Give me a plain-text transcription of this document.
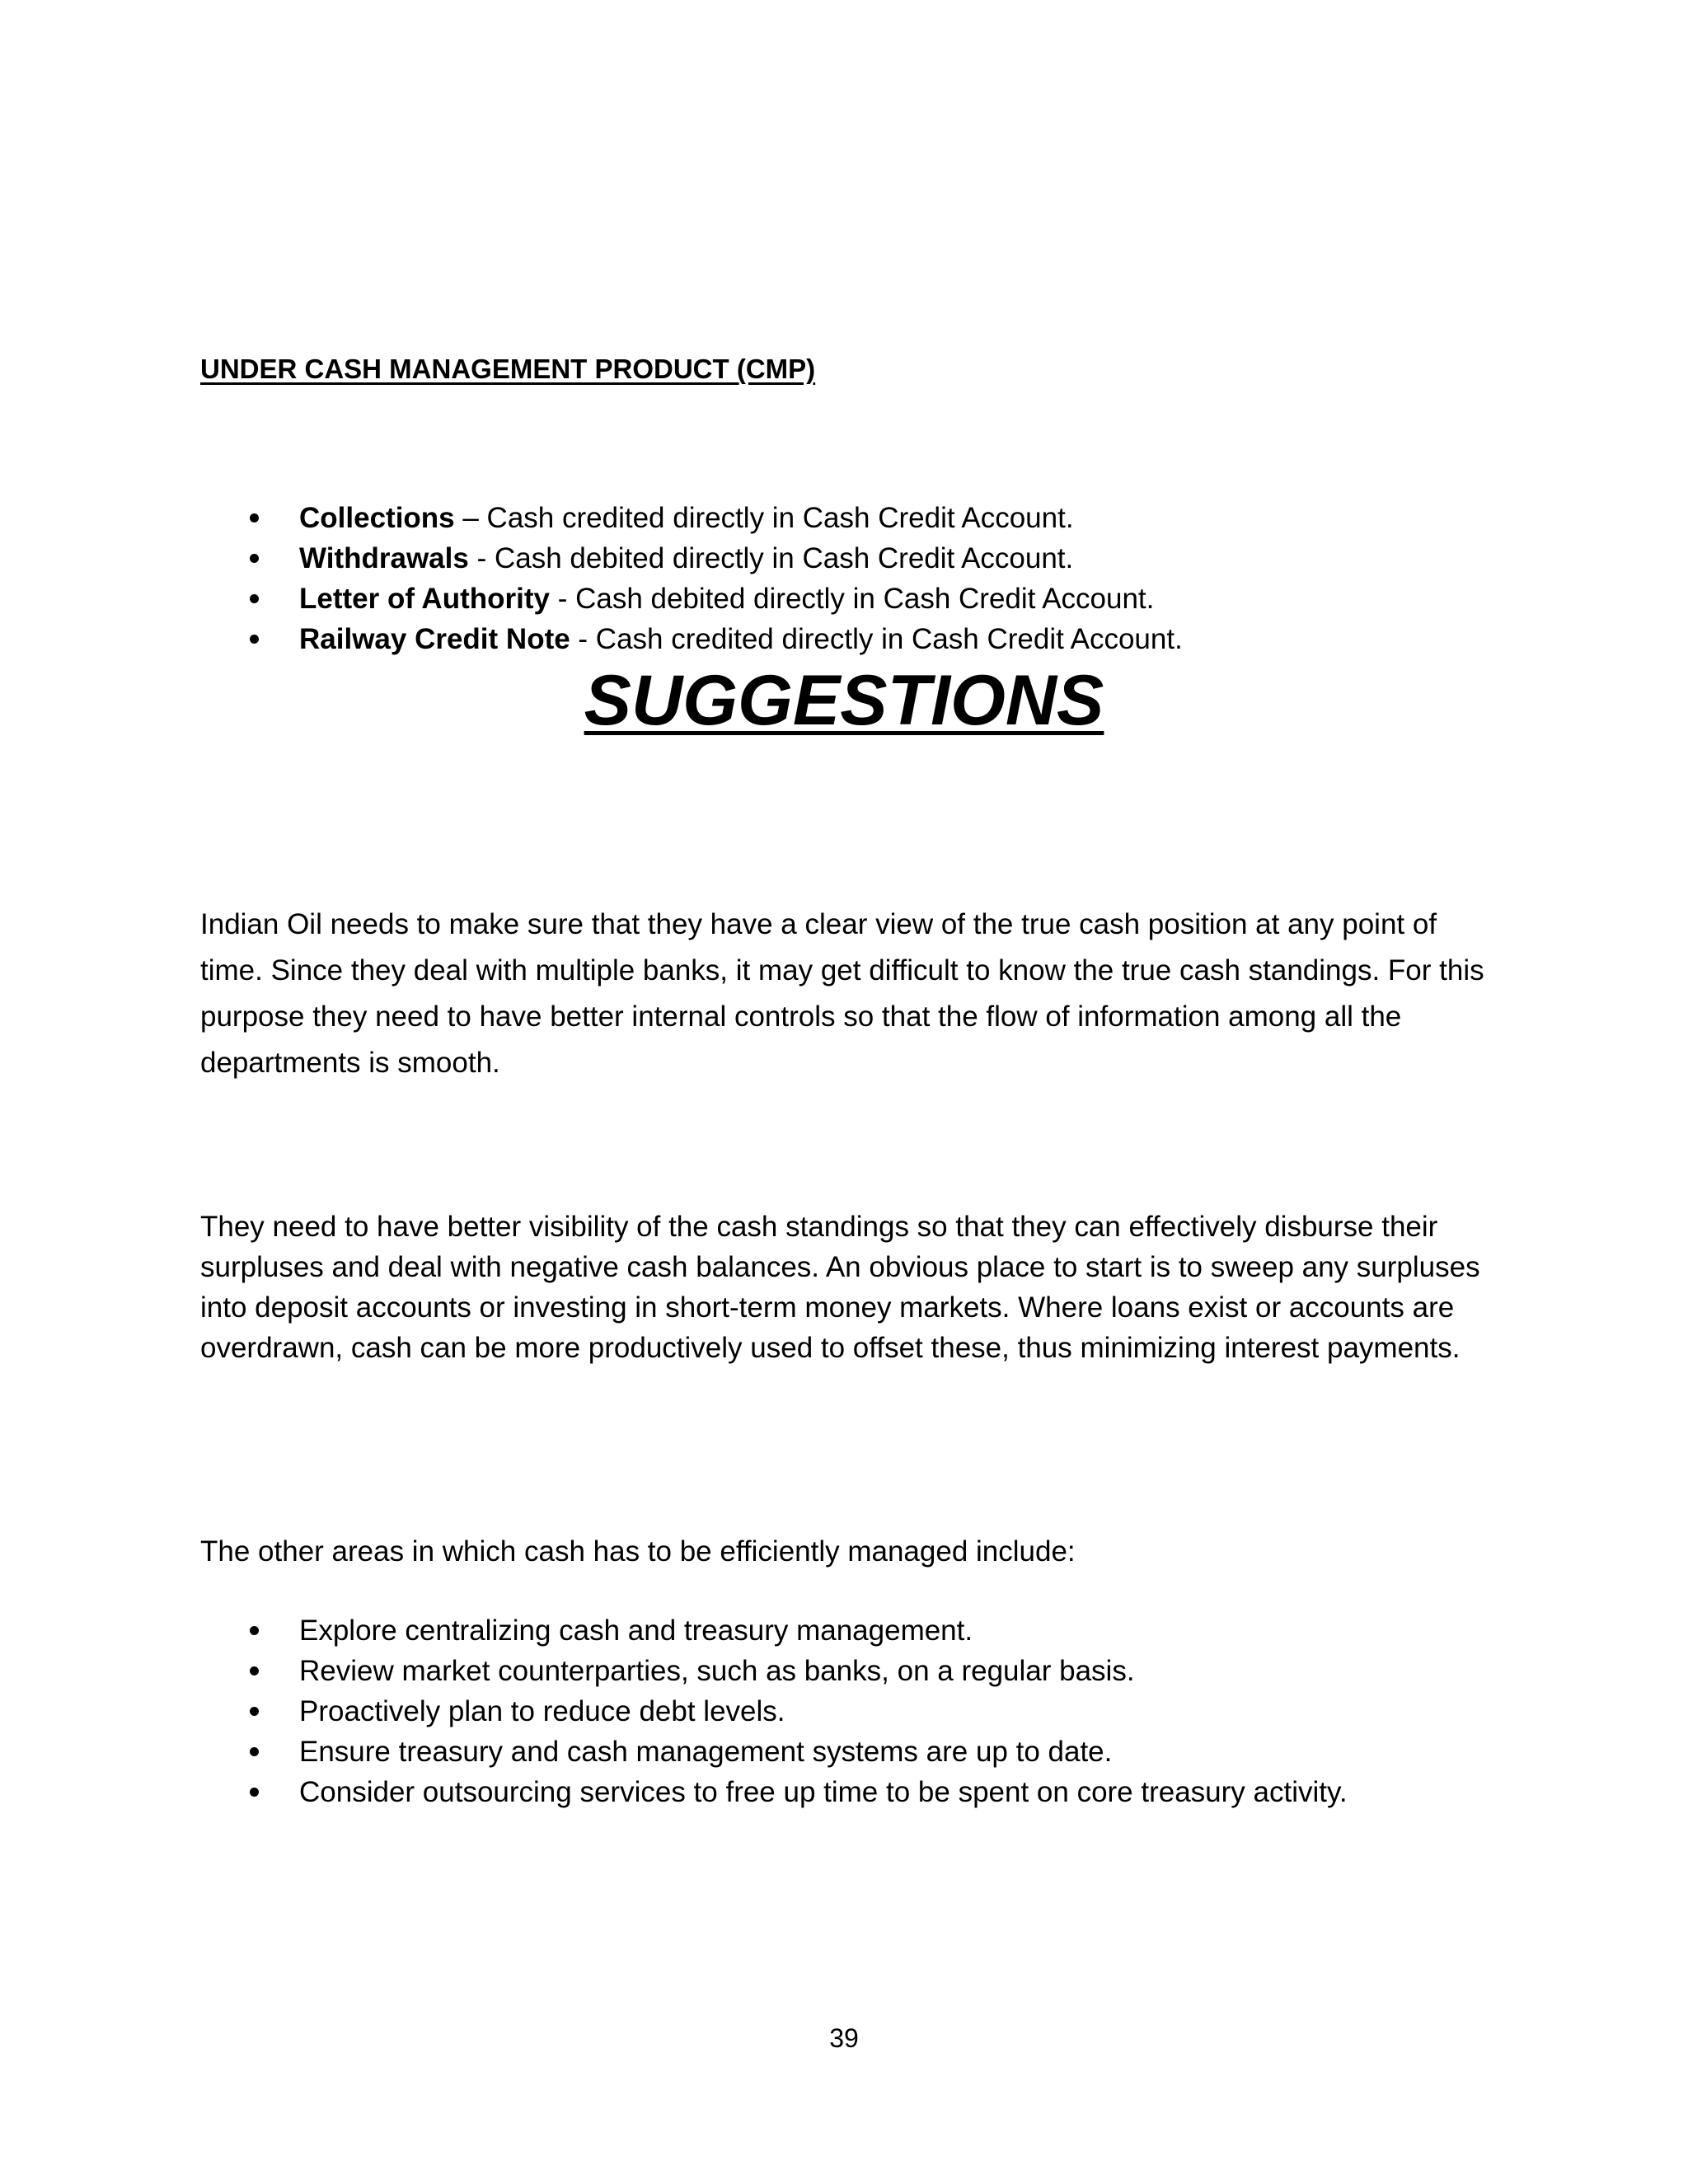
UNDER CASH MANAGEMENT PRODUCT (CMP)
Collections – Cash credited directly in Cash Credit Account.
Withdrawals - Cash debited directly in Cash Credit Account.
Letter of Authority - Cash debited directly in Cash Credit Account.
Railway Credit Note - Cash credited directly in Cash Credit Account.
SUGGESTIONS

Indian Oil needs to make sure that they have a clear view of the true cash position at any point of time. Since they deal with multiple banks, it may get difficult to know the true cash standings. For this purpose they need to have better internal controls so that the flow of information among all the departments is smooth.

They need to have better visibility of the cash standings so that they can effectively disburse their surpluses and deal with negative cash balances. An obvious place to start is to sweep any surpluses into deposit accounts or investing in short-term money markets. Where loans exist or accounts are overdrawn, cash can be more productively used to offset these, thus minimizing interest payments.

The other areas in which cash has to be efficiently managed include:

Explore centralizing cash and treasury management.
Review market counterparties, such as banks, on a regular basis.
Proactively plan to reduce debt levels.
Ensure treasury and cash management systems are up to date.
Consider outsourcing services to free up time to be spent on core treasury activity.

39
